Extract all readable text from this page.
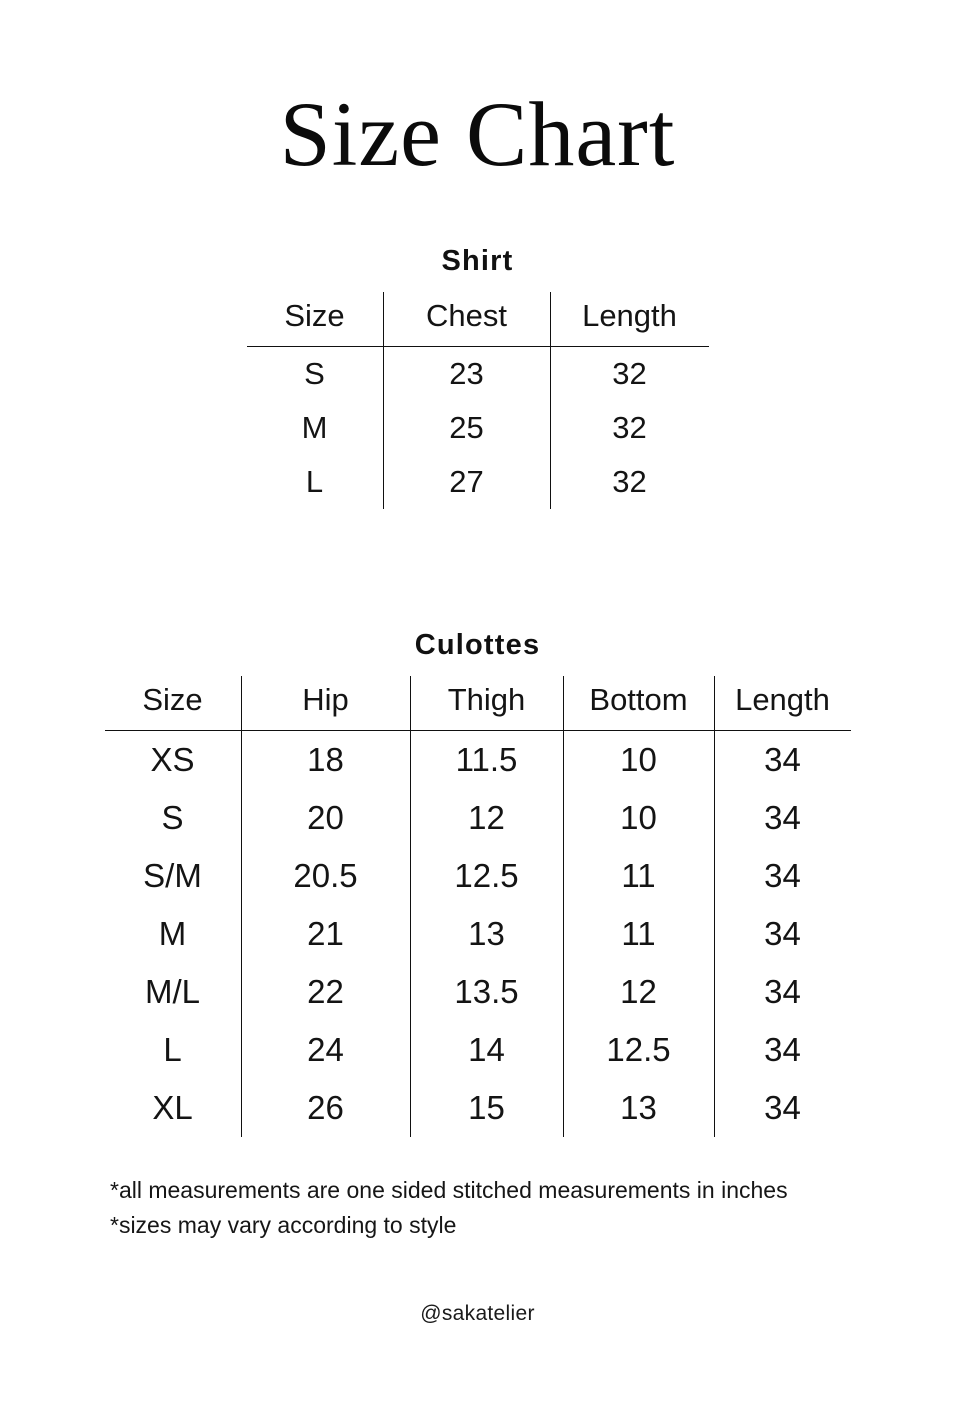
Size Chart
Shirt
Size	Chest	Length
S	23	32
M	25	32
L	27	32
Culottes
Size	Hip	Thigh	Bottom	Length
XS	18	11.5	10	34
S	20	12	10	34
S/M	20.5	12.5	11	34
M	21	13	11	34
M/L	22	13.5	12	34
L	24	14	12.5	34
XL	26	15	13	34
*all measurements are one sided stitched measurements in inches
*sizes may vary according to style
@sakatelier
